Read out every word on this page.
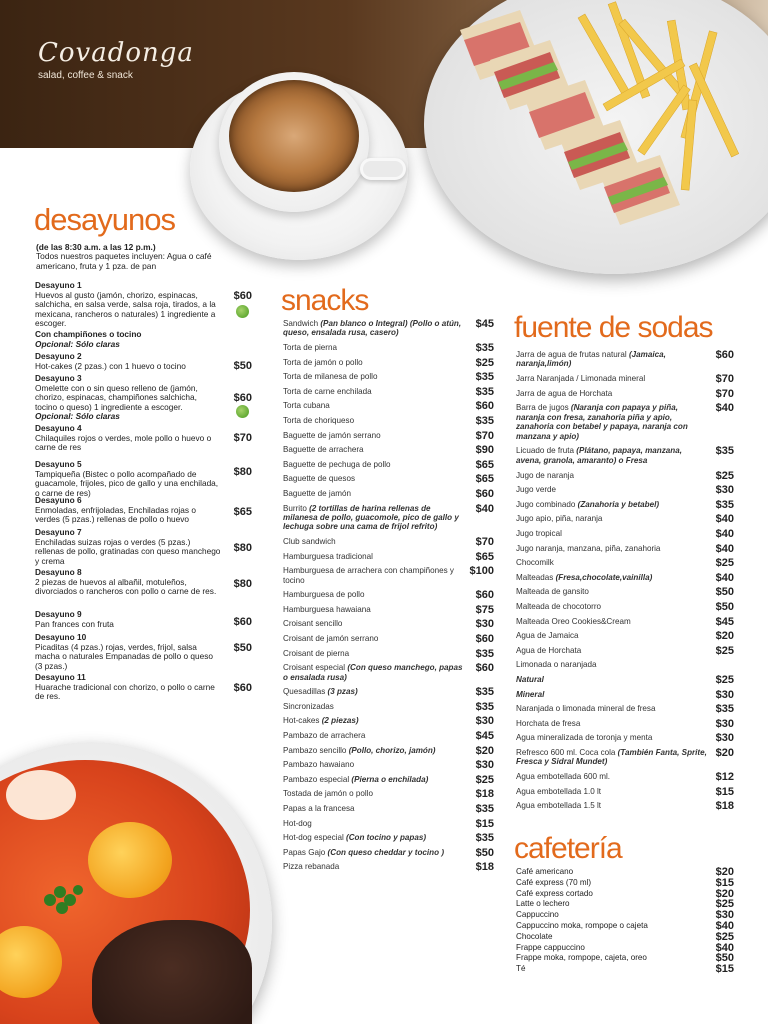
Covadonga
salad, coffee & snack
desayunos
(de las 8:30 a.m. a las 12 p.m.)
Todos nuestros paquetes incluyen: Agua o café americano, fruta y 1 pza. de pan
Desayuno 1
Huevos al gusto (jamón, chorizo, espinacas, salchicha, en salsa verde, salsa roja, tirados, a la mexicana, rancheros o naturales) 1 ingrediente a escoger.
$60
Con champiñones o tocino
Opcional: Sólo claras
Desayuno 2
Hot-cakes (2 pzas.) con 1 huevo o tocino	$50
Desayuno 3
Omelette con o sin queso relleno de (jamón, chorizo, espinacas, champiñones salchicha, tocino o queso) 1 ingrediente a escoger.
Opcional: Sólo claras
$60
Desayuno 4
Chilaquiles rojos o verdes, mole pollo o huevo o carne de res
$70
Desayuno 5
Tampiqueña (Bistec o pollo acompañado de guacamole, frijoles, pico de gallo y una enchilada, o carne de res)
$80
Desayuno 6
Enmoladas, enfrijoladas, Enchiladas rojas o verdes (5 pzas.) rellenas de pollo o huevo
$65
Desayuno 7
Enchiladas suizas rojas o verdes (5 pzas.) rellenas de pollo, gratinadas con queso manchego y crema
$80
Desayuno 8
2 piezas de huevos al albañil, motuleños, divorciados o rancheros con pollo o carne de res.
$80
Desayuno 9
Pan frances con fruta	$60
Desayuno 10
Picaditas (4 pzas.) rojas, verdes, frijol, salsa macha o naturales Empanadas de pollo o queso (3 pzas.)
$50
Desayuno 11
Huarache tradicional con chorizo, o pollo o carne de res.
$60
snacks
Sandwich (Pan blanco o Integral) (Pollo o atún, queso, ensalada rusa, casero)
$45
Torta de pierna	$35
Torta de jamón o pollo	$25
Torta de milanesa de pollo	$35
Torta de carne enchilada	$35
Torta cubana	$60
Torta de choriqueso	$35
Baguette de jamón serrano	$70
Baguette de arrachera	$90
Baguette de pechuga de pollo	$65
Baguette de quesos	$65
Baguette de jamón	$60
Burrito (2 tortillas de harina rellenas de milanesa de pollo, guacomole, pico de gallo y lechuga sobre una cama de frijol refrito)
$40
Club sandwich	$70
Hamburguesa tradicional	$65
Hamburguesa de arrachera con champiñones y tocino
$100
Hamburguesa de pollo	$60
Hamburguesa hawaiana	$75
Croisant sencillo	$30
Croisant de jamón serrano	$60
Croisant de pierna	$35
Croisant especial (Con queso manchego, papas o ensalada rusa)
$60
Quesadillas (3 pzas)	$35
Sincronizadas	$35
Hot-cakes (2 piezas)	$30
Pambazo de arrachera	$45
Pambazo sencillo (Pollo, chorizo, jamón)	$20
Pambazo hawaiano	$30
Pambazo especial (Pierna o enchilada)	$25
Tostada de jamón o pollo	$18
Papas a la francesa	$35
Hot-dog	$15
Hot-dog especial (Con tocino y papas)	$35
Papas Gajo (Con queso cheddar y tocino )	$50
Pizza rebanada	$18
fuente de sodas
Jarra de agua de frutas natural (Jamaica, naranja,limón)
$60
Jarra Naranjada / Limonada mineral	$70
Jarra de agua de Horchata	$70
Barra de jugos (Naranja con papaya y piña, naranja con fresa, zanahoria piña y apio, zanahoria con betabel y papaya, naranja con manzana y apio)
$40
Licuado de fruta (Plátano, papaya, manzana, avena, granola, amaranto) o Fresa
$35
Jugo de naranja	$25
Jugo verde	$30
Jugo combinado (Zanahoria y betabel)	$35
Jugo apio, piña, naranja	$40
Jugo tropical	$40
Jugo naranja, manzana, piña, zanahoria	$40
Chocomilk	$25
Malteadas (Fresa,chocolate,vainilla)	$40
Malteada de gansito	$50
Malteada de chocotorro	$50
Malteada Oreo Cookies&Cream	$45
Agua de Jamaica	$20
Agua de Horchata	$25
Limonada o naranjada
Natural	$25
Mineral	$30
Naranjada o limonada mineral de fresa	$35
Horchata de fresa	$30
Agua mineralizada de toronja y menta	$30
Refresco 600 ml. Coca cola (También Fanta, Sprite, Fresca y Sidral Mundet)
$20
Agua embotellada 600 ml.	$12
Agua embotellada 1.0 lt	$15
Agua embotellada 1.5 lt	$18
cafetería
Café americano	$20
Café express (70 ml)	$15
Café express cortado	$20
Latte o lechero	$25
Cappuccino	$30
Cappuccino moka, rompope o cajeta	$40
Chocolate	$25
Frappe cappuccino	$40
Frappe moka, rompope, cajeta, oreo	$50
Té	$15
